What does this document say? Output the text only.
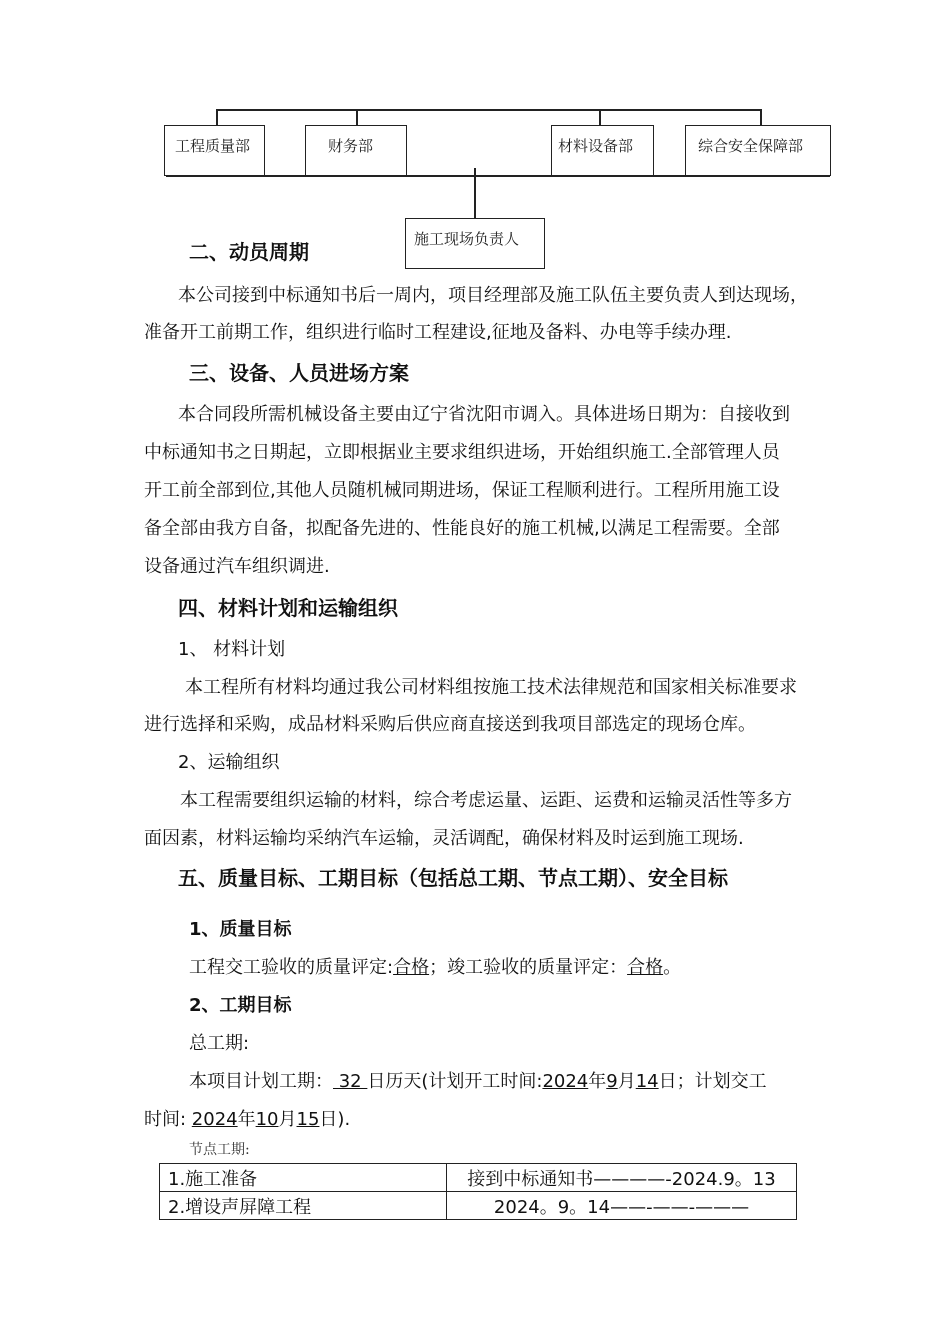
工程质量部	财务部	材料设备部	综合安全保障部
施工现场负责人
二、动员周期
本公司接到中标通知书后一周内，项目经理部及施工队伍主要负责人到达现场，
准备开工前期工作，组织进行临时工程建设,征地及备料、办电等手续办理.
三、设备、人员进场方案
本合同段所需机械设备主要由辽宁省沈阳市调入。具体进场日期为：自接收到
中标通知书之日期起，立即根据业主要求组织进场，开始组织施工.全部管理人员
开工前全部到位,其他人员随机械同期进场，保证工程顺利进行。工程所用施工设
备全部由我方自备，拟配备先进的、性能良好的施工机械,以满足工程需要。全部
设备通过汽车组织调进.
四、材料计划和运输组织
1、 材料计划
本工程所有材料均通过我公司材料组按施工技术法律规范和国家相关标准要求
进行选择和采购，成品材料采购后供应商直接送到我项目部选定的现场仓库。
2、运输组织
本工程需要组织运输的材料，综合考虑运量、运距、运费和运输灵活性等多方
面因素，材料运输均采纳汽车运输，灵活调配，确保材料及时运到施工现场.
五、质量目标、工期目标（包括总工期、节点工期）、安全目标
1、质量目标
工程交工验收的质量评定:合格；竣工验收的质量评定：合格。
2、工期目标
总工期:
本项目计划工期： 32 日历天(计划开工时间:2024年9月14日；计划交工
时间: 2024年10月15日).
节点工期:
1.施工准备	接到中标通知书————-2024.9。13
2.增设声屏障工程	2024。9。14——-——-———
